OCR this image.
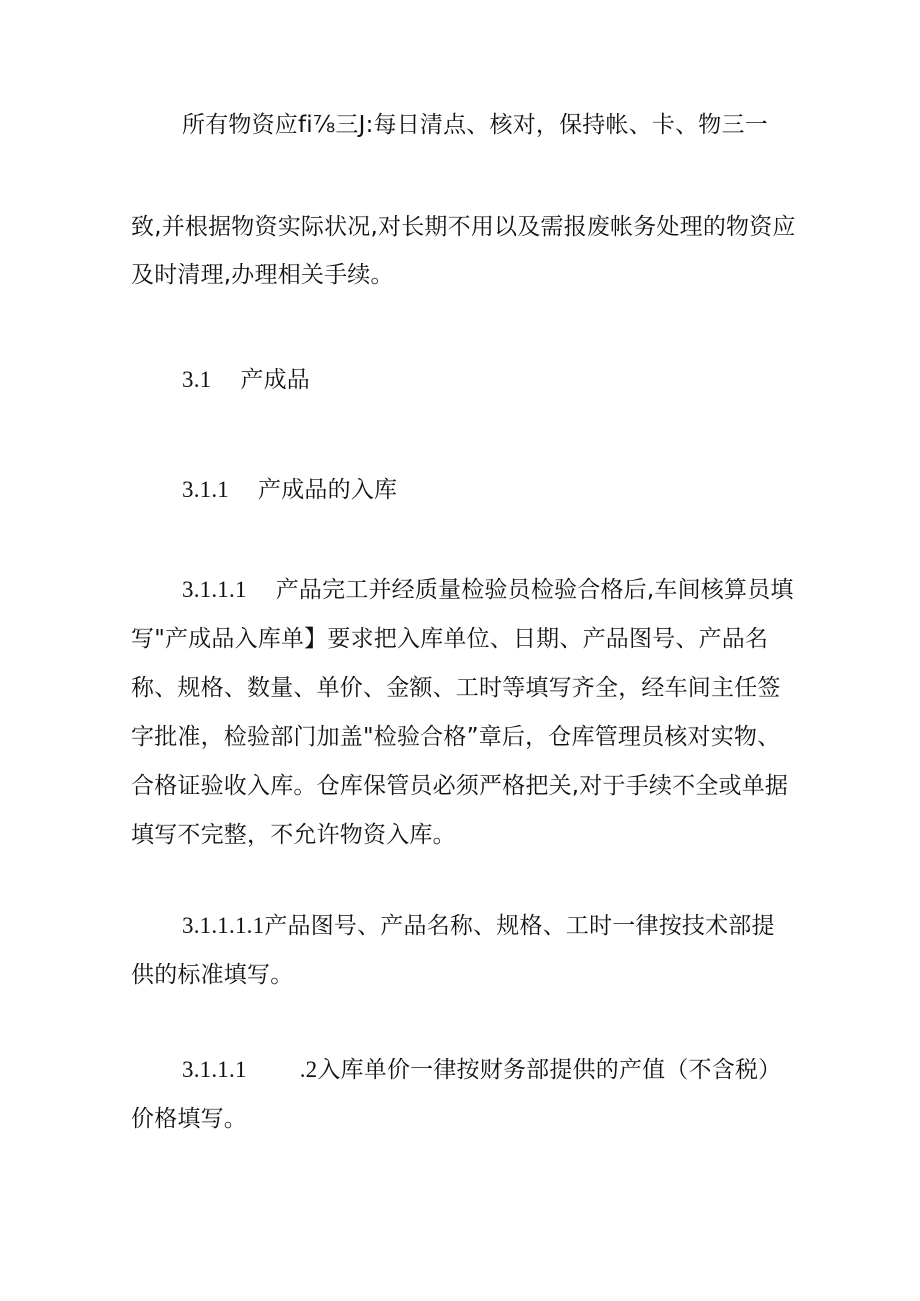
所有物资应fi⅞三J:每日清点、核对，保持帐、卡、物三一
致,并根据物资实际状况,对长期不用以及需报废帐务处理的物资应
及时清理,办理相关手续。
3.1 产成品
3.1.1 产成品的入库
3.1.1.1 产品完工并经质量检验员检验合格后,车间核算员填
写"产成品入库单】要求把入库单位、日期、产品图号、产品名
称、规格、数量、单价、金额、工时等填写齐全，经车间主任签
字批准，检验部门加盖"检验合格”章后，仓库管理员核对实物、
合格证验收入库。仓库保管员必须严格把关,对于手续不全或单据
填写不完整，不允许物资入库。
3.1.1.1.1产品图号、产品名称、规格、工时一律按技术部提
供的标准填写。
3.1.1.1 .2入库单价一律按财务部提供的产值（不含税）
价格填写。
